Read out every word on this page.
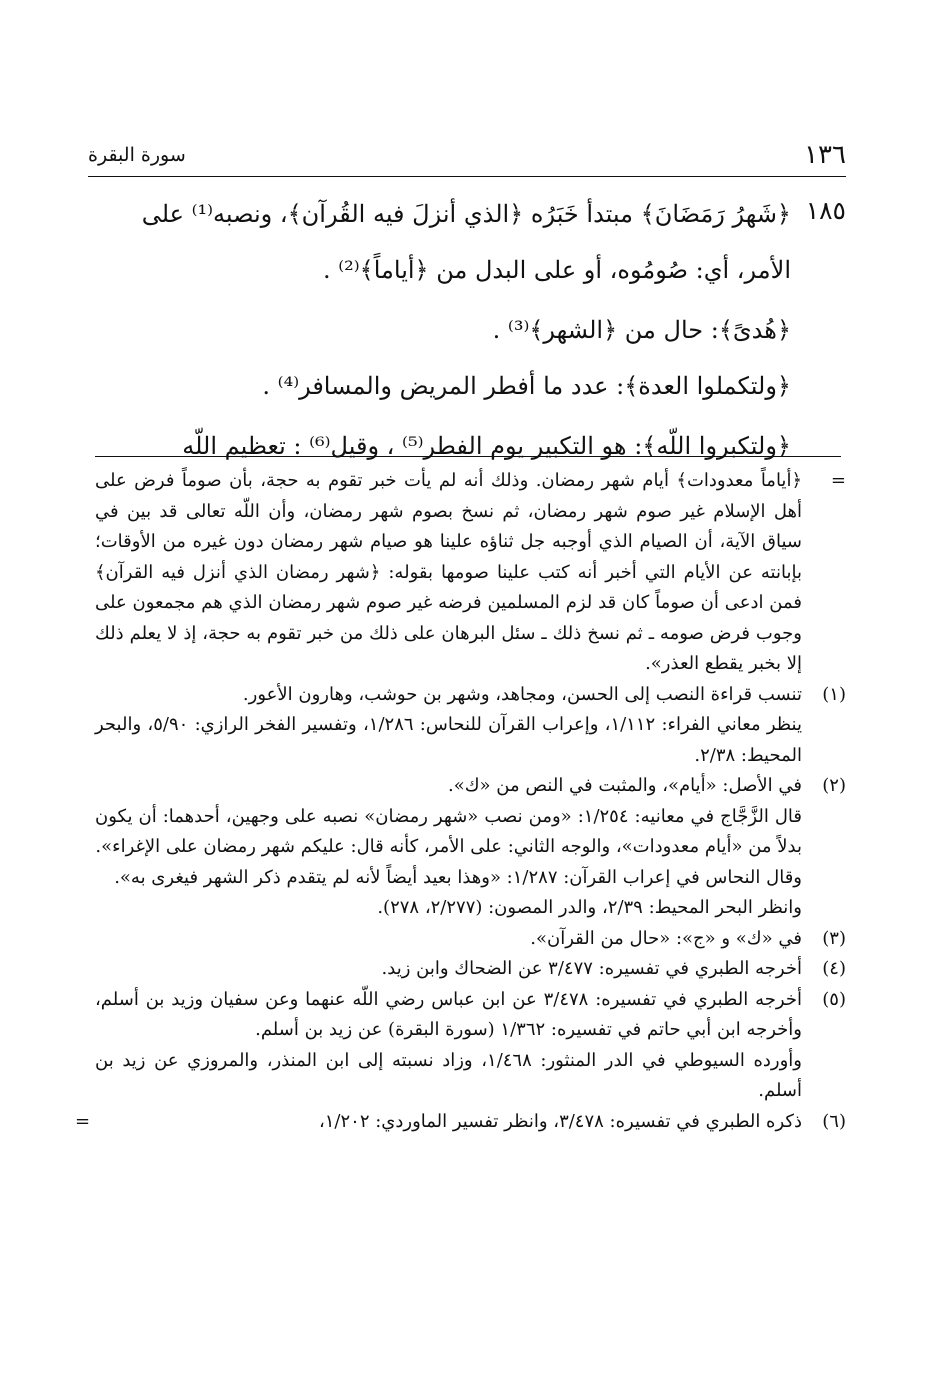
١٣٦
سورة البقرة
١٨٥
﴿شَهرُ رَمَضَانَ﴾ مبتدأ خَبَرُه ﴿الذي أنزلَ فيه القُرآن﴾، ونصبه⁽¹⁾ على
الأمر، أي: صُومُوه، أو على البدل من ﴿أياماً﴾⁽²⁾ .
﴿هُدىً﴾: حال من ﴿الشهر﴾⁽³⁾ .
﴿ولتكملوا العدة﴾: عدد ما أفطر المريض والمسافر⁽⁴⁾ .
﴿ولتكبروا اللّه﴾: هو التكبير يوم الفطر⁽⁵⁾ ، وقيل⁽⁶⁾ : تعظيم اللّه
=
﴿أياماً معدودات﴾ أيام شهر رمضان. وذلك أنه لم يأت خبر تقوم به حجة، بأن صوماً فرض على أهل الإسلام غير صوم شهر رمضان، ثم نسخ بصوم شهر رمضان، وأن اللّه تعالى قد بين في سياق الآية، أن الصيام الذي أوجبه جل ثناؤه علينا هو صيام شهر رمضان دون غيره من الأوقات؛ بإبانته عن الأيام التي أخبر أنه كتب علينا صومها بقوله: ﴿شهر رمضان الذي أنزل فيه القرآن﴾ فمن ادعى أن صوماً كان قد لزم المسلمين فرضه غير صوم شهر رمضان الذي هم مجمعون على وجوب فرض صومه ـ ثم نسخ ذلك ـ سئل البرهان على ذلك من خبر تقوم به حجة، إذ لا يعلم ذلك إلا بخبر يقطع العذر».
(١)

تنسب قراءة النصب إلى الحسن، ومجاهد، وشهر بن حوشب، وهارون الأعور.

ينظر معاني الفراء: ١/١١٢، وإعراب القرآن للنحاس: ١/٢٨٦، وتفسير الفخر الرازي: ٥/٩٠، والبحر المحيط: ٢/٣٨.

(٢)

في الأصل: «أيام»، والمثبت في النص من «ك».

قال الزَّجَّاج في معانيه: ١/٢٥٤: «ومن نصب «شهر رمضان» نصبه على وجهين، أحدهما: أن يكون بدلاً من «أيام معدودات»، والوجه الثاني: على الأمر، كأنه قال: عليكم شهر رمضان على الإغراء».

وقال النحاس في إعراب القرآن: ١/٢٨٧: «وهذا بعيد أيضاً لأنه لم يتقدم ذكر الشهر فيغرى به».

وانظر البحر المحيط: ٢/٣٩، والدر المصون: (٢/٢٧٧، ٢٧٨).

(٣)

في «ك» و «ج»: «حال من القرآن».

(٤)

أخرجه الطبري في تفسيره: ٣/٤٧٧ عن الضحاك وابن زيد.

(٥)

أخرجه الطبري في تفسيره: ٣/٤٧٨ عن ابن عباس رضي اللّه عنهما وعن سفيان وزيد بن أسلم، وأخرجه ابن أبي حاتم في تفسيره: ١/٣٦٢ (سورة البقرة) عن زيد بن أسلم.

وأورده السيوطي في الدر المنثور: ١/٤٦٨، وزاد نسبته إلى ابن المنذر، والمروزي عن زيد بن أسلم.

(٦)

ذكره الطبري في تفسيره: ٣/٤٧٨، وانظر تفسير الماوردي: ١/٢٠٢،

=
